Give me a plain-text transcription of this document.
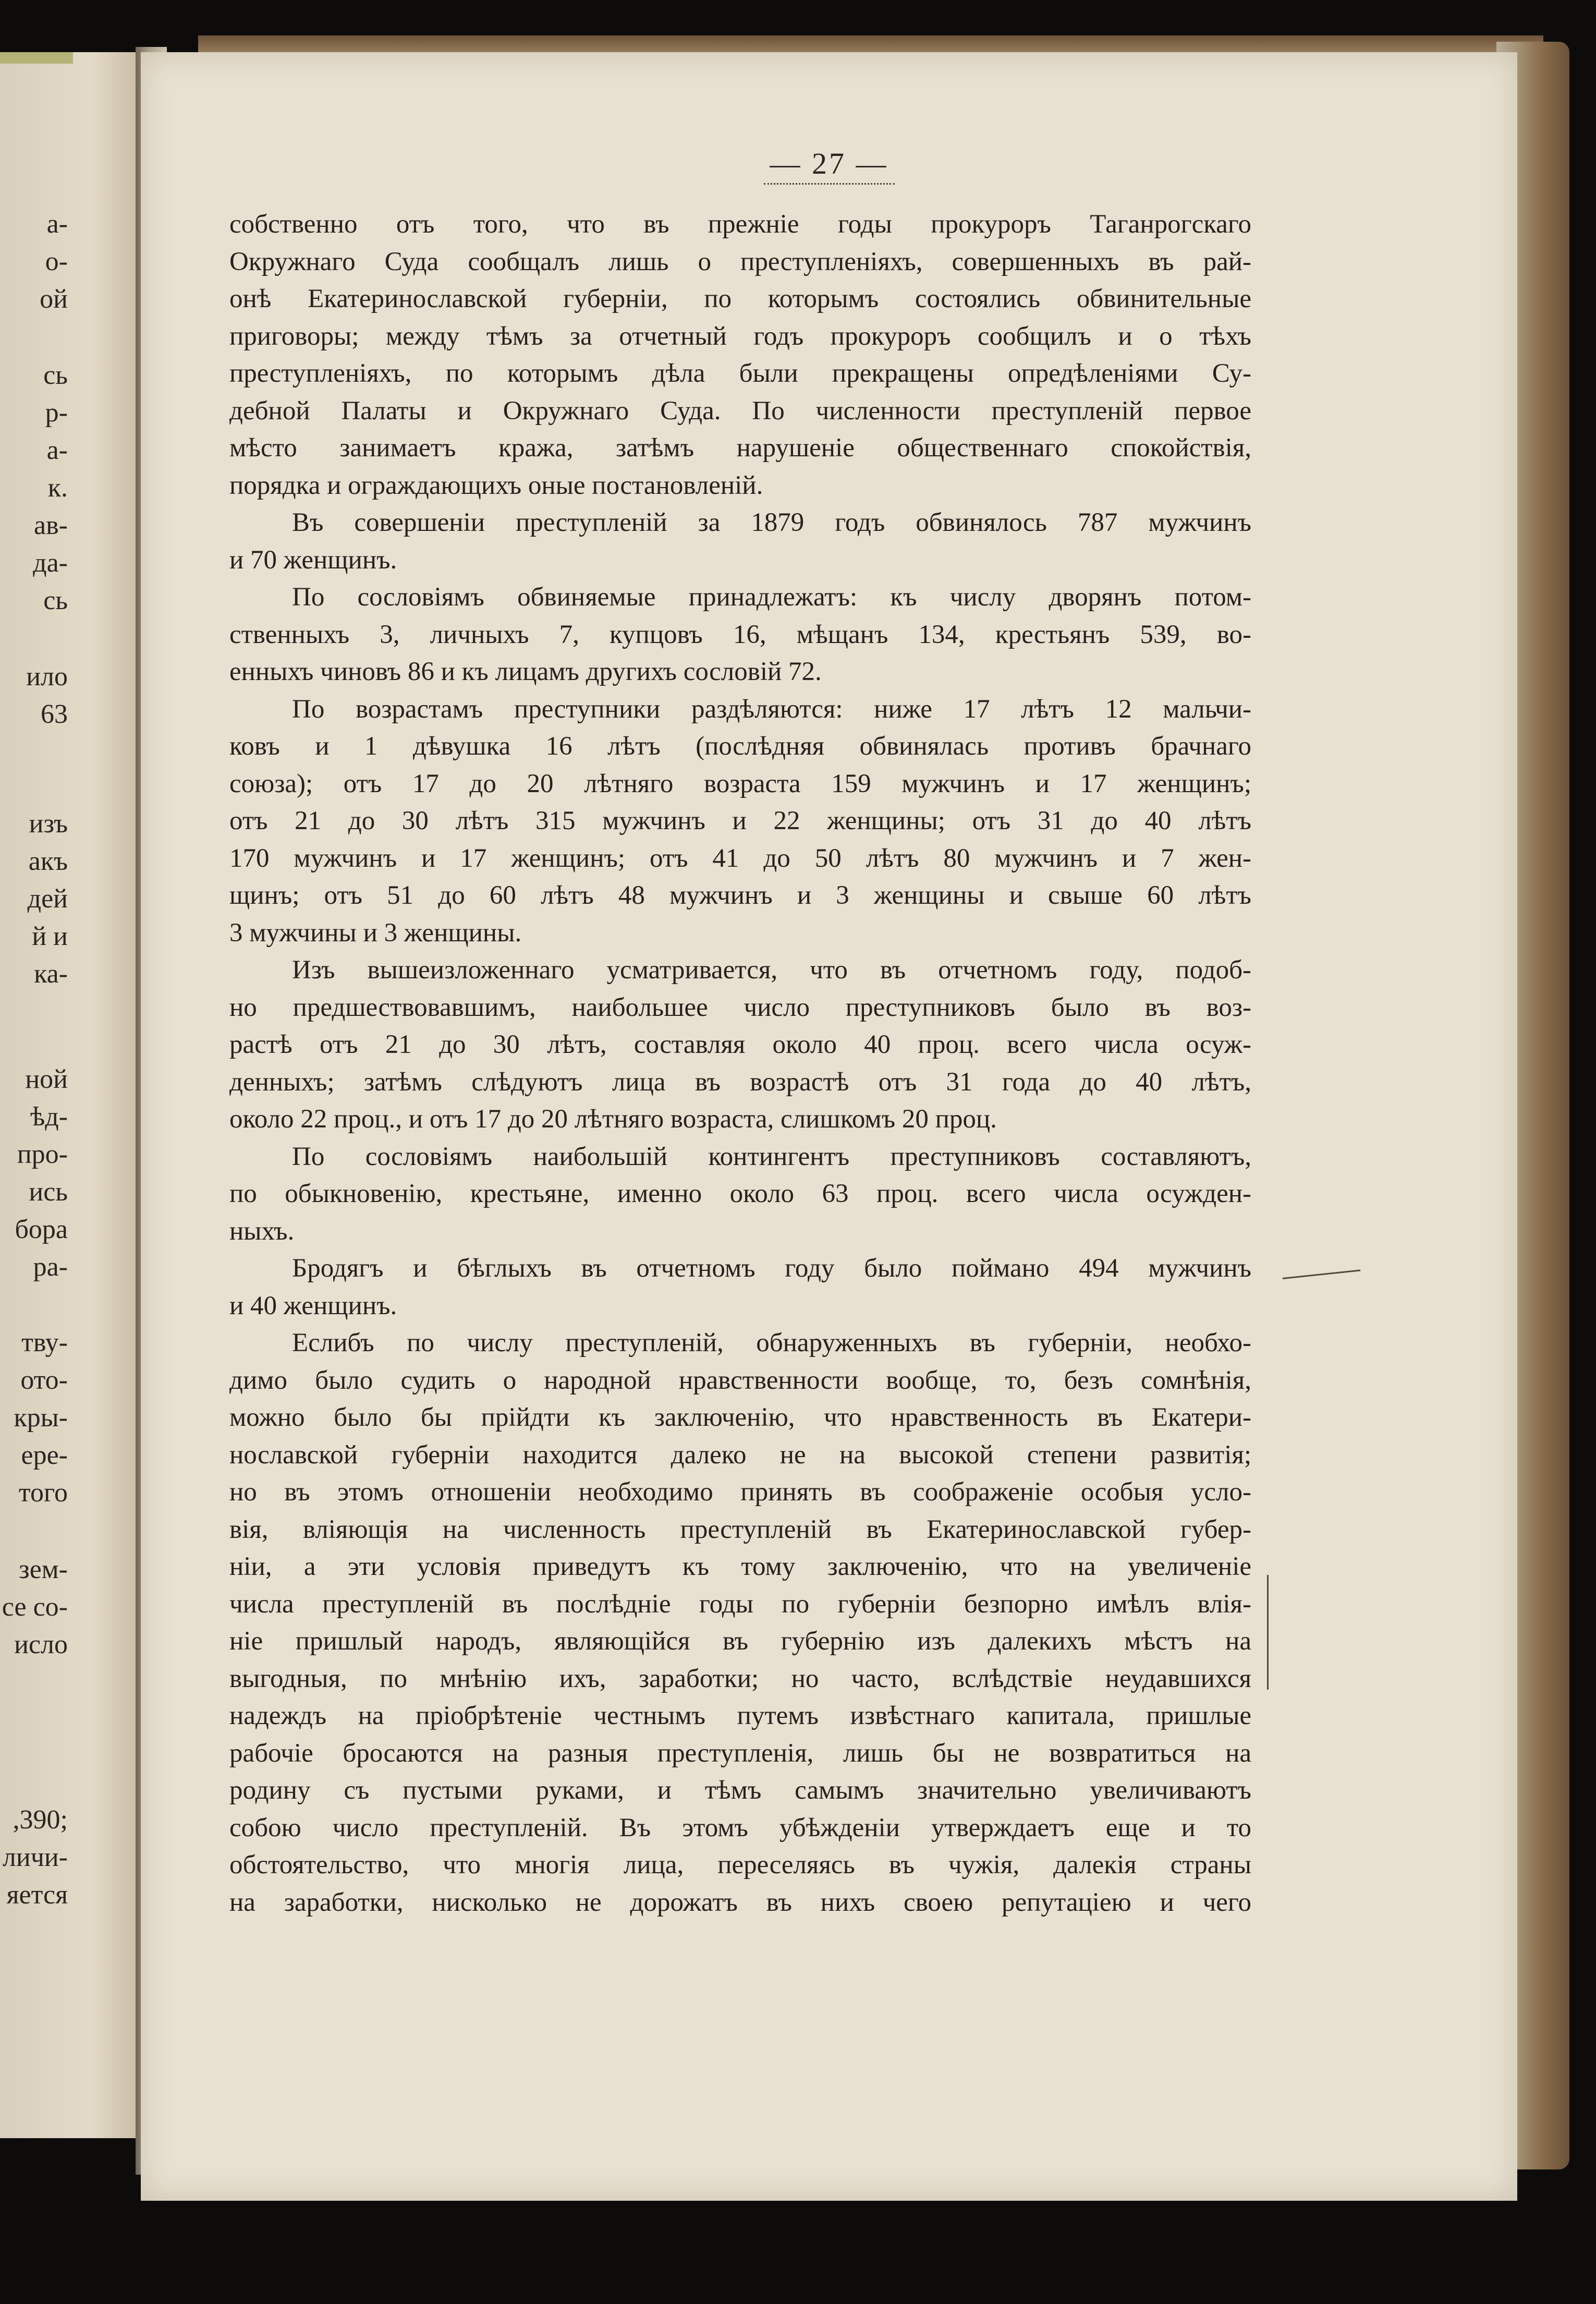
а-
о-
ой
сь
р-
а-
к.
ав-
да-
сь
ило
63
изъ
акъ
дей
й и
ка-
ной
ѣд-
про-
ись
бора
ра-
тву-
ото-
кры-
ере-
того
зем-
се со-
исло
,390;
личи-
яется
— 27 —
собственно отъ того, что въ прежніе годы прокуроръ Таганрогскаго
Окружнаго Суда сообщалъ лишь о преступленіяхъ, совершенныхъ въ рай-
онѣ Екатеринославской губерніи, по которымъ состоялись обвинительные
приговоры; между тѣмъ за отчетный годъ прокуроръ сообщилъ и о тѣхъ
преступленіяхъ, по которымъ дѣла были прекращены опредѣленіями Су-
дебной Палаты и Окружнаго Суда. По численности преступленій первое
мѣсто занимаетъ кража, затѣмъ нарушеніе общественнаго спокойствія,
порядка и ограждающихъ оные постановленій.
Въ совершеніи преступленій за 1879 годъ обвинялось 787 мужчинъ
и 70 женщинъ.
По сословіямъ обвиняемые принадлежатъ: къ числу дворянъ потом-
ственныхъ 3, личныхъ 7, купцовъ 16, мѣщанъ 134, крестьянъ 539, во-
енныхъ чиновъ 86 и къ лицамъ другихъ сословій 72.
По возрастамъ преступники раздѣляются: ниже 17 лѣтъ 12 мальчи-
ковъ и 1 дѣвушка 16 лѣтъ (послѣдняя обвинялась противъ брачнаго
союза); отъ 17 до 20 лѣтняго возраста 159 мужчинъ и 17 женщинъ;
отъ 21 до 30 лѣтъ 315 мужчинъ и 22 женщины; отъ 31 до 40 лѣтъ
170 мужчинъ и 17 женщинъ; отъ 41 до 50 лѣтъ 80 мужчинъ и 7 жен-
щинъ; отъ 51 до 60 лѣтъ 48 мужчинъ и 3 женщины и свыше 60 лѣтъ
3 мужчины и 3 женщины.
Изъ вышеизложеннаго усматривается, что въ отчетномъ году, подоб-
но предшествовавшимъ, наибольшее число преступниковъ было въ воз-
растѣ отъ 21 до 30 лѣтъ, составляя около 40 проц. всего числа осуж-
денныхъ; затѣмъ слѣдуютъ лица въ возрастѣ отъ 31 года до 40 лѣтъ,
около 22 проц., и отъ 17 до 20 лѣтняго возраста, слишкомъ 20 проц.
По сословіямъ наибольшій контингентъ преступниковъ составляютъ,
по обыкновенію, крестьяне, именно около 63 проц. всего числа осужден-
ныхъ.
Бродягъ и бѣглыхъ въ отчетномъ году было поймано 494 мужчинъ
и 40 женщинъ.
Еслибъ по числу преступленій, обнаруженныхъ въ губерніи, необхо-
димо было судить о народной нравственности вообще, то, безъ сомнѣнія,
можно было бы прійдти къ заключенію, что нравственность въ Екатери-
нославской губерніи находится далеко не на высокой степени развитія;
но въ этомъ отношеніи необходимо принять въ соображеніе особыя усло-
вія, вліяющія на численность преступленій въ Екатеринославской губер-
ніи, а эти условія приведутъ къ тому заключенію, что на увеличеніе
числа преступленій въ послѣдніе годы по губерніи безпорно имѣлъ влія-
ніе пришлый народъ, являющійся въ губернію изъ далекихъ мѣстъ на
выгодныя, по мнѣнію ихъ, заработки; но часто, вслѣдствіе неудавшихся
надеждъ на пріобрѣтеніе честнымъ путемъ извѣстнаго капитала, пришлые
рабочіе бросаются на разныя преступленія, лишь бы не возвратиться на
родину съ пустыми руками, и тѣмъ самымъ значительно увеличиваютъ
собою число преступленій. Въ этомъ убѣжденіи утверждаетъ еще и то
обстоятельство, что многія лица, переселяясь въ чужія, далекія страны
на заработки, нисколько не дорожатъ въ нихъ своею репутаціею и чего
